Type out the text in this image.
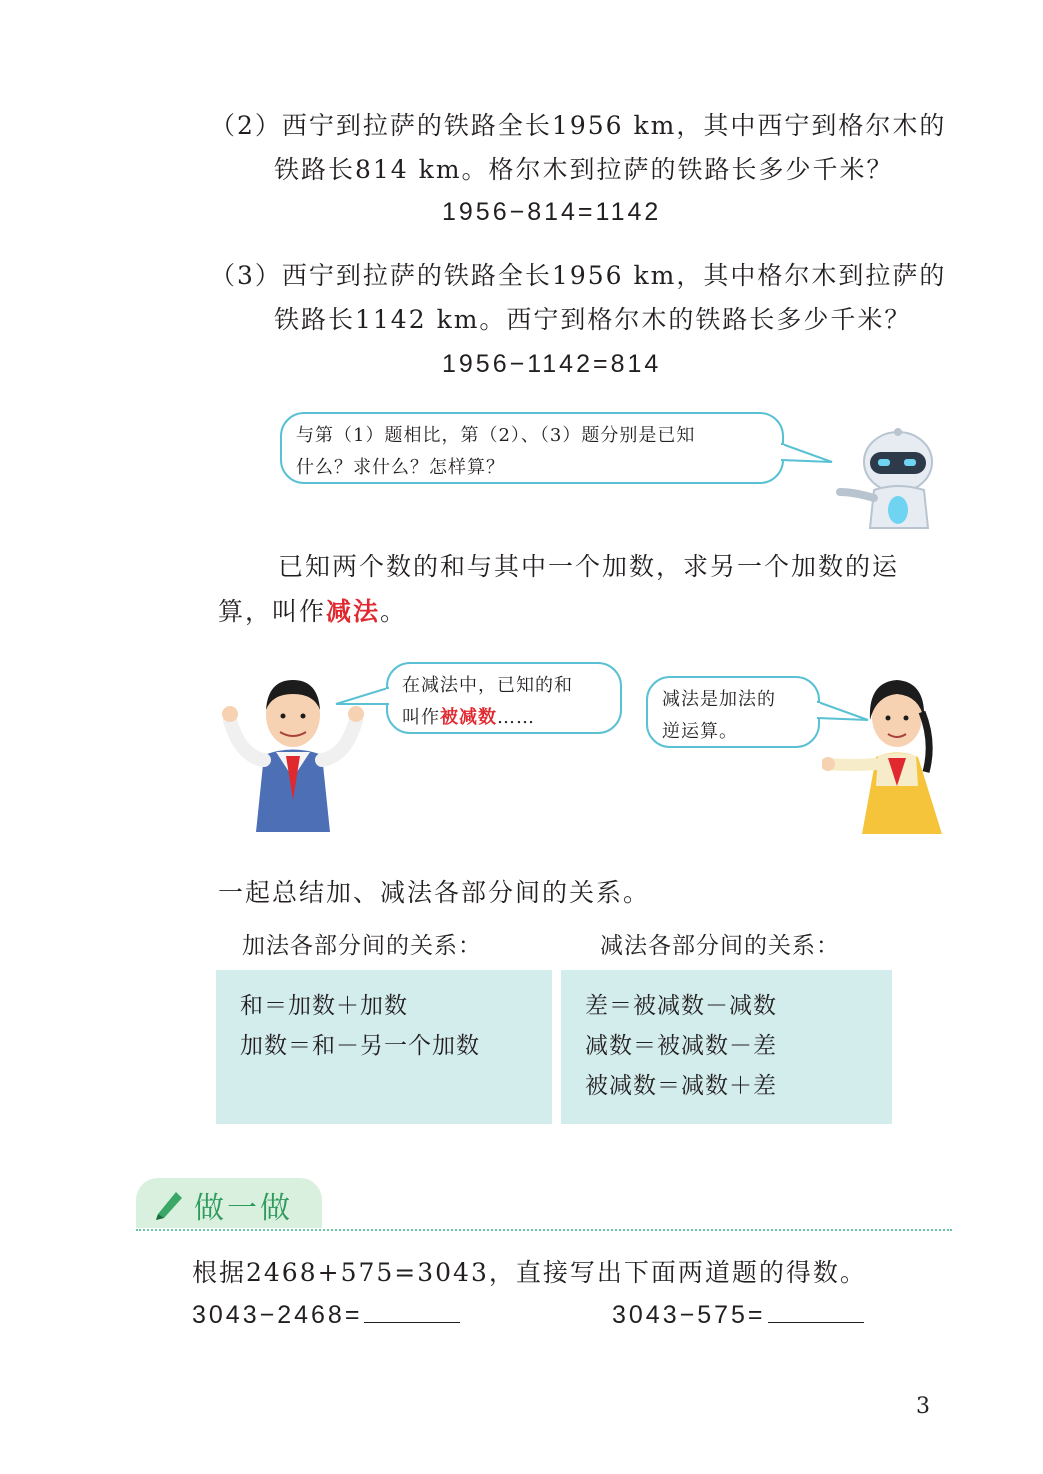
（2）西宁到拉萨的铁路全长1956 km，其中西宁到格尔木的
铁路长814 km。格尔木到拉萨的铁路长多少千米？
1956−814=1142
（3）西宁到拉萨的铁路全长1956 km，其中格尔木到拉萨的
铁路长1142 km。西宁到格尔木的铁路长多少千米？
1956−1142=814
与第（1）题相比，第（2）、（3）题分别是已知
什么？求什么？怎样算？
已知两个数的和与其中一个加数，求另一个加数的运
算，叫作减法。
在减法中，已知的和
叫作被减数……
减法是加法的
逆运算。
一起总结加、减法各部分间的关系。
加法各部分间的关系：	减法各部分间的关系：
和＝加数＋加数
加数＝和－另一个加数
差＝被减数－减数
减数＝被减数－差
被减数＝减数＋差
做一做
根据2468+575=3043，直接写出下面两道题的得数。
3043−2468=	3043−575=
3
